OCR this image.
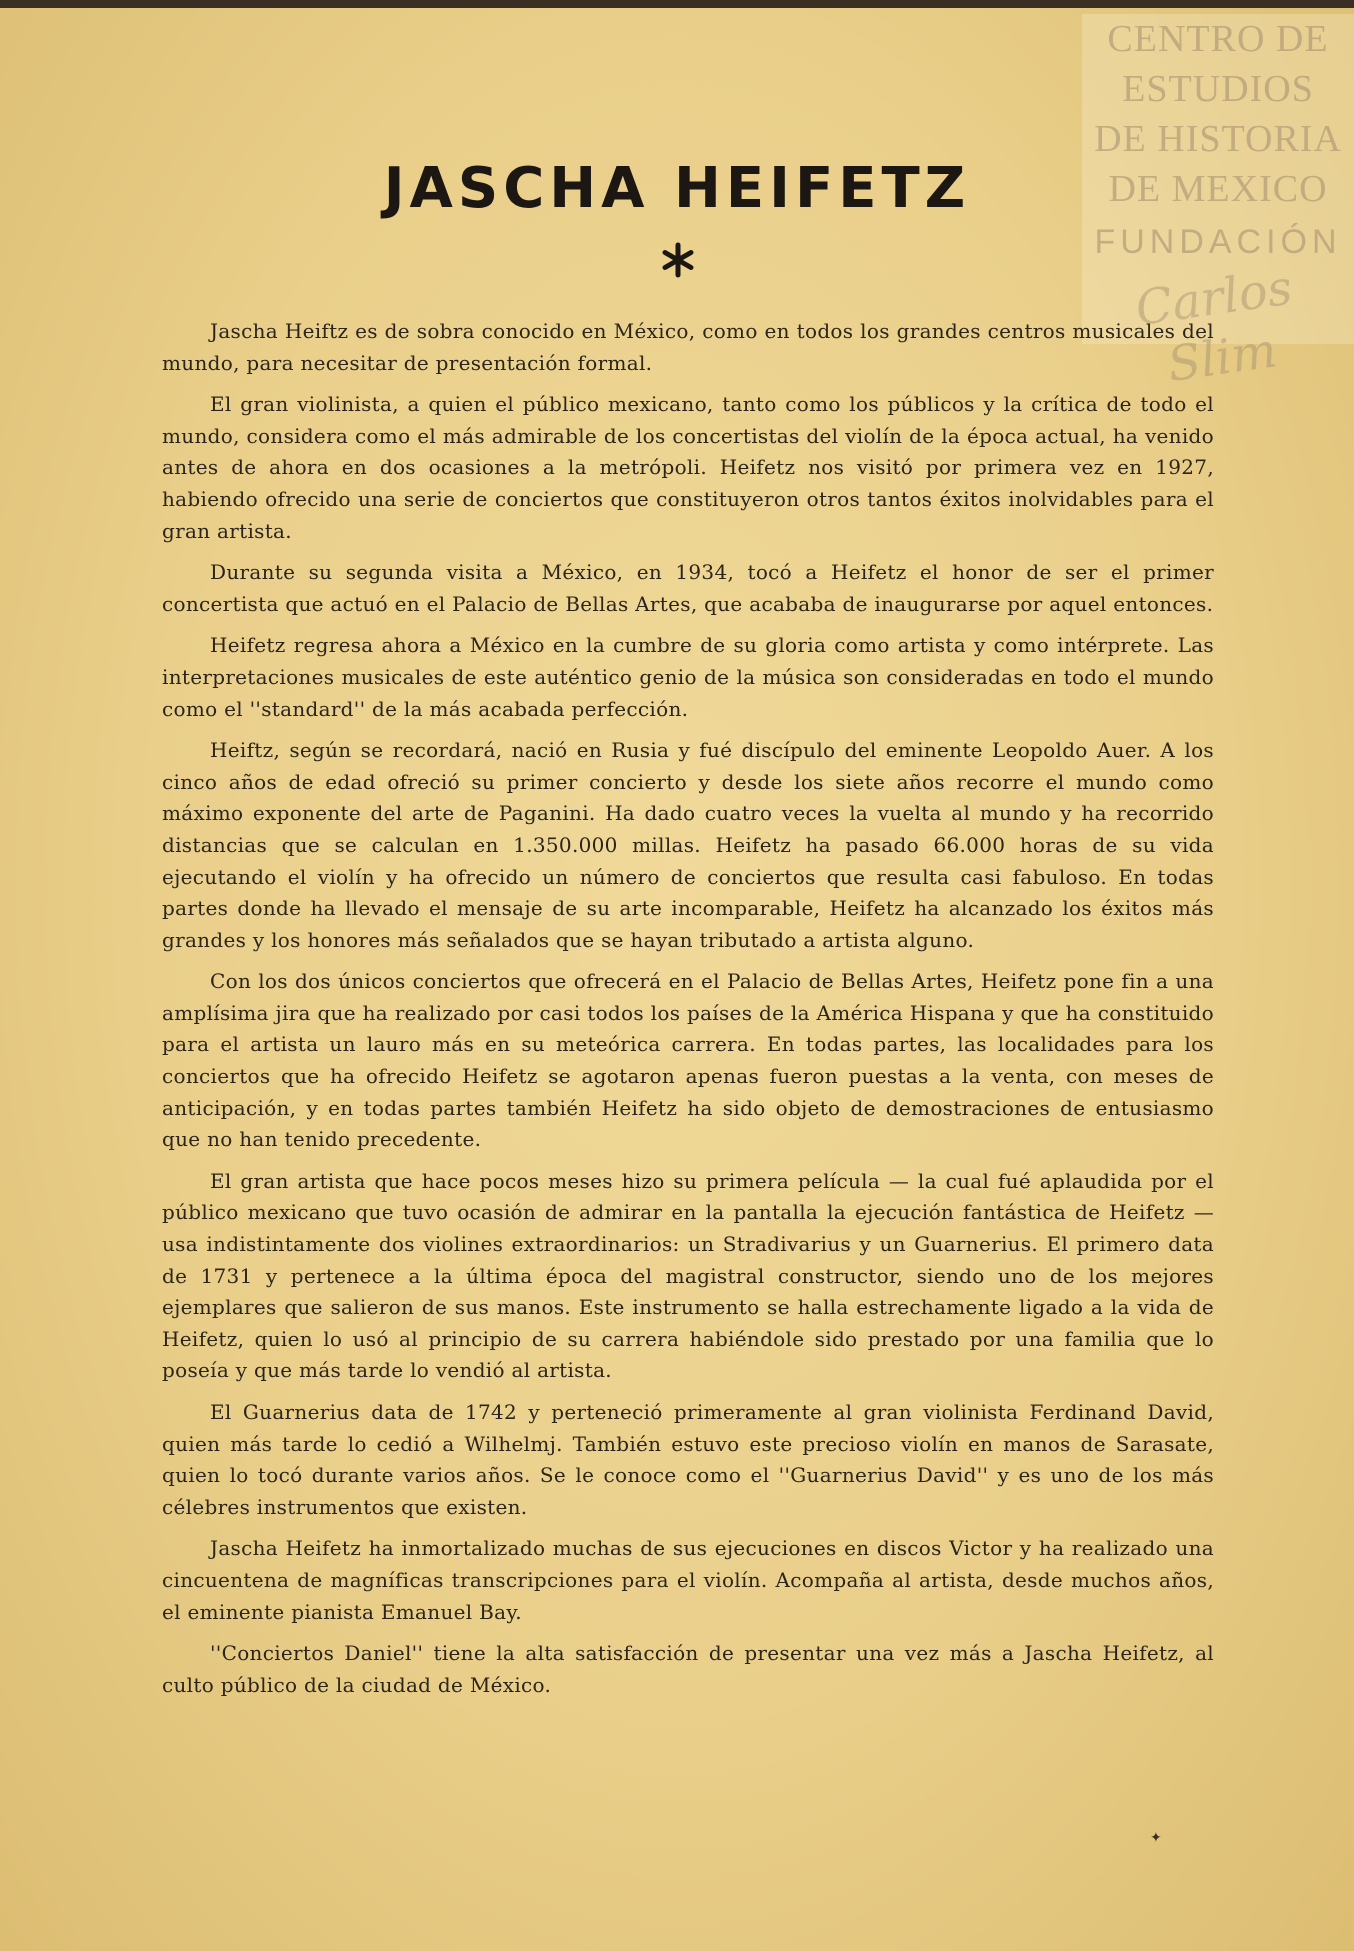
CENTRO DE
ESTUDIOS
DE HISTORIA
DE MEXICO
FUNDACIÓN
Carlos Slim
JASCHA HEIFETZ

Jascha Heiftz es de sobra conocido en México, como en todos los grandes centros musicales del mundo, para necesitar de presentación formal.

El gran violinista, a quien el público mexicano, tanto como los públicos y la crítica de todo el mundo, considera como el más admirable de los concertistas del violín de la época actual, ha venido antes de ahora en dos ocasiones a la metrópoli. Heifetz nos visitó por primera vez en 1927, habiendo ofrecido una serie de conciertos que constituyeron otros tantos éxitos inolvidables para el gran artista.

Durante su segunda visita a México, en 1934, tocó a Heifetz el honor de ser el primer concertista que actuó en el Palacio de Bellas Artes, que acababa de inaugurarse por aquel entonces.

Heifetz regresa ahora a México en la cumbre de su gloria como artista y como intérprete. Las interpretaciones musicales de este auténtico genio de la música son consideradas en todo el mundo como el ''standard'' de la más acabada perfección.

Heiftz, según se recordará, nació en Rusia y fué discípulo del eminente Leopoldo Auer. A los cinco años de edad ofreció su primer concierto y desde los siete años recorre el mundo como máximo exponente del arte de Paganini. Ha dado cuatro veces la vuelta al mundo y ha recorrido distancias que se calculan en 1.350.000 millas. Heifetz ha pasado 66.000 horas de su vida ejecutando el violín y ha ofrecido un número de conciertos que resulta casi fabuloso. En todas partes donde ha llevado el mensaje de su arte incomparable, Heifetz ha alcanzado los éxitos más grandes y los honores más señalados que se hayan tributado a artista alguno.

Con los dos únicos conciertos que ofrecerá en el Palacio de Bellas Artes, Heifetz pone fin a una amplísima jira que ha realizado por casi todos los países de la América Hispana y que ha constituido para el artista un lauro más en su meteórica carrera. En todas partes, las localidades para los conciertos que ha ofrecido Heifetz se agotaron apenas fueron puestas a la venta, con meses de anticipación, y en todas partes también Heifetz ha sido objeto de demostraciones de entusiasmo que no han tenido precedente.

El gran artista que hace pocos meses hizo su primera película — la cual fué aplaudida por el público mexicano que tuvo ocasión de admirar en la pantalla la ejecución fantástica de Heifetz — usa indistintamente dos violines extraordinarios: un Stradivarius y un Guarnerius. El primero data de 1731 y pertenece a la última época del magistral constructor, siendo uno de los mejores ejemplares que salieron de sus manos. Este instrumento se halla estrechamente ligado a la vida de Heifetz, quien lo usó al principio de su carrera habiéndole sido prestado por una familia que lo poseía y que más tarde lo vendió al artista.

El Guarnerius data de 1742 y perteneció primeramente al gran violinista Ferdinand David, quien más tarde lo cedió a Wilhelmj. También estuvo este precioso violín en manos de Sarasate, quien lo tocó durante varios años. Se le conoce como el ''Guarnerius David'' y es uno de los más célebres instrumentos que existen.

Jascha Heifetz ha inmortalizado muchas de sus ejecuciones en discos Victor y ha realizado una cincuentena de magníficas transcripciones para el violín. Acompaña al artista, desde muchos años, el eminente pianista Emanuel Bay.

''Conciertos Daniel'' tiene la alta satisfacción de presentar una vez más a Jascha Heifetz, al culto público de la ciudad de México.

✦
